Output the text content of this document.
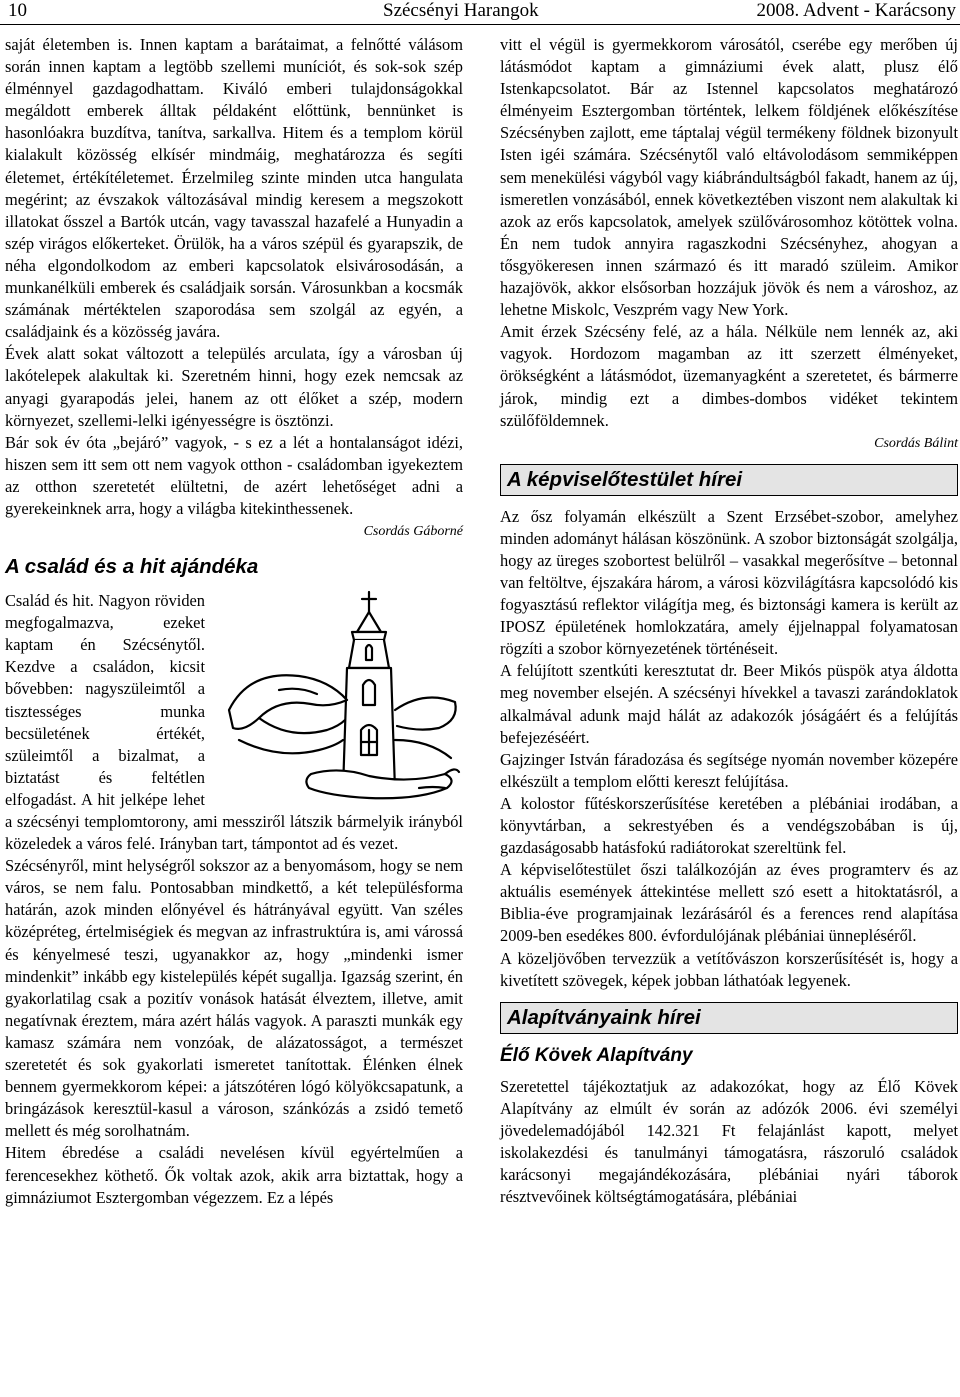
10	Szécsényi Harangok	2008. Advent - Karácsony

saját életemben is. Innen kaptam a barátaimat, a felnőtté válásom során innen kaptam a legtöbb szellemi muníciót, és sok-sok szép élménnyel gazdagodhattam. Kiváló emberi tulajdonságokkal megáldott emberek álltak példaként előttünk, bennünket is hasonlóakra buzdítva, tanítva, sarkallva. Hitem és a templom körül kialakult közösség elkísér mindmáig, meghatározza és segíti életemet, értékítéletemet. Érzelmileg szinte minden utca hangulata megérint; az évszakok változásával mindig keresem a megszokott illatokat ősszel a Bartók utcán, vagy tavasszal hazafelé a Hunyadin a szép virágos előkerteket. Örülök, ha a város szépül és gyarapszik, de néha elgondolkodom az emberi kapcsolatok elsivárosodásán, a munkanélküli emberek és családjaik sorsán. Városunkban a kocsmák számának mértéktelen szaporodása sem szolgál az egyén, a családjaink és a közösség javára.

Évek alatt sokat változott a település arculata, így a városban új lakótelepek alakultak ki. Szeretném hinni, hogy ezek nemcsak az anyagi gyarapodás jelei, hanem az ott élőket a szép, modern környezet, szellemi-lelki igényességre is ösztönzi.

Bár sok év óta „bejáró” vagyok, - s ez a lét a hontalanságot idézi, hiszen sem itt sem ott nem vagyok otthon - családomban igyekeztem az otthon szeretetét elültetni, de azért lehetőséget adni a gyerekeinknek arra, hogy a világba kitekinthessenek.

Csordás Gáborné

A család és a hit ajándéka

Család és hit. Nagyon röviden megfogalmazva, ezeket kaptam én Szécsénytől. Kezdve a családon, kicsit bővebben: nagyszüleimtől a tisztességes munka becsületének értékét, szüleimtől a bizalmat, a biztatást és feltétlen elfogadást. A hit jelképe lehet a szécsényi templomtorony, ami messziről látszik bármelyik irányból közeledek a város felé. Irányban tart, támpontot ad és vezet.

Szécsényről, mint helységről sokszor az a benyomásom, hogy se nem város, se nem falu. Pontosabban mindkettő, a két településforma határán, azok minden előnyével és hátrányával együtt. Van széles középréteg, értelmiségiek és megvan az infrastruktúra is, ami várossá és kényelmesé teszi, ugyanakkor az, hogy „mindenki ismer mindenkit” inkább egy kistelepülés képét sugallja. Igazság szerint, én gyakorlatilag csak a pozitív vonások hatását élveztem, illetve, amit negatívnak éreztem, mára azért hálás vagyok. A paraszti munkák egy kamasz számára nem vonzóak, de alázatosságot, a természet szeretetét és sok gyakorlati ismeretet tanítottak. Élénken élnek bennem gyermekkorom képei: a játszótéren lógó kölyökcsapatunk, a bringázások keresztül-kasul a városon, szánkózás a zsidó temető mellett és még sorolhatnám.

Hitem ébredése a családi nevelésen kívül egyértelműen a ferencesekhez köthető. Ők voltak azok, akik arra biztattak, hogy a gimnáziumot Esztergomban végezzem. Ez a lépés

vitt el végül is gyermekkorom városától, cserébe egy merőben új látásmódot kaptam a gimnáziumi évek alatt, plusz élő Istenkapcsolatot. Bár az Istennel kapcsolatos meghatározó élményeim Esztergomban történtek, lelkem földjének előkészítése Szécsényben zajlott, eme táptalaj végül termékeny földnek bizonyult Isten igéi számára. Szécsénytől való eltávolodásom semmiképpen sem menekülési vágyból vagy kiábrándultságból fakadt, hanem az új, ismeretlen vonzásából, ennek következtében viszont nem alakultak ki azok az erős kapcsolatok, amelyek szülővárosomhoz kötöttek volna. Én nem tudok annyira ragaszkodni Szécsényhez, ahogyan a tősgyökeresen innen származó és itt maradó szüleim. Amikor hazajövök, akkor elsősorban hozzájuk jövök és nem a városhoz, az lehetne Miskolc, Veszprém vagy New York.

Amit érzek Szécsény felé, az a hála. Nélküle nem lennék az, aki vagyok. Hordozom magamban az itt szerzett élményeket, örökségként a látásmódot, üzemanyagként a szeretetet, és bármerre járok, mindig ezt a dimbes-dombos vidéket tekintem szülőföldemnek.

Csordás Bálint

A képviselőtestület hírei

Az ősz folyamán elkészült a Szent Erzsébet-szobor, amelyhez minden adományt hálásan köszönünk. A szobor biztonságát szolgálja, hogy az üreges szobortest belülről – vasakkal megerősítve – betonnal van feltöltve, éjszakára három, a városi közvilágításra kapcsolódó kis fogyasztású reflektor világítja meg, és biztonsági kamera is került az IPOSZ épületének homlokzatára, amely éjjelnappal folyamatosan rögzíti a szobor környezetének történéseit.

A felújított szentkúti keresztutat dr. Beer Mikós püspök atya áldotta meg november elsején. A szécsényi hívekkel a tavaszi zarándoklatok alkalmával adunk majd hálát az adakozók jóságáért és a felújítás befejezéséért.

Gajzinger István fáradozása és segítsége nyomán november közepére elkészült a templom előtti kereszt felújítása.

A kolostor fűtéskorszerűsítése keretében a plébániai irodában, a könyvtárban, a sekrestyében és a vendégszobában is új, gazdaságosabb hatásfokú radiátorokat szereltünk fel.

A képviselőtestület őszi találkozóján az éves programterv és az aktuális események áttekintése mellett szó esett a hitoktatásról, a Biblia-éve programjainak lezárásáról és a ferences rend alapítása 2009-ben esedékes 800. évfordulójának plébániai ünnepléséről.

A közeljövőben tervezzük a vetítővászon korszerűsítését is, hogy a kivetített szövegek, képek jobban láthatóak legyenek.

Alapítványaink hírei
Élő Kövek Alapítvány

Szeretettel tájékoztatjuk az adakozókat, hogy az Élő Kövek Alapítvány az elmúlt év során az adózók 2006. évi személyi jövedelemadójából 142.321 Ft felajánlást kapott, melyet iskolakezdési és tanulmányi támogatásra, rászoruló családok karácsonyi megajándékozására, plébániai nyári táborok résztvevőinek költségtámogatására, plébániai
